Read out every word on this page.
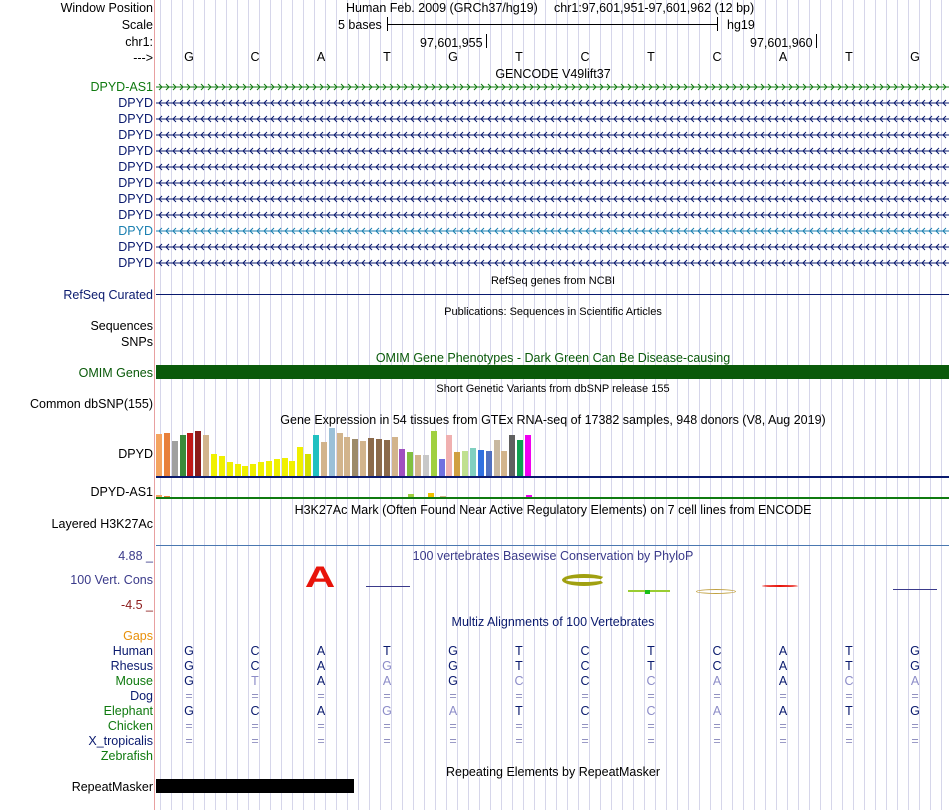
Window Position
Scale
chr1:
--->
Human Feb. 2009 (GRCh37/hg19) chr1:97,601,951-97,601,962 (12 bp)
5 bases	hg19
97,601,955	97,601,960
G	C	A	T	G	T	C	T	C	A	T	G
GENCODE V49lift37
DPYD-AS1
DPYD
DPYD
DPYD
DPYD
DPYD
DPYD
DPYD
DPYD
DPYD
DPYD
DPYD
RefSeq genes from NCBI
RefSeq Curated
Publications: Sequences in Scientific Articles
Sequences
SNPs
OMIM Gene Phenotypes - Dark Green Can Be Disease-causing
OMIM Genes
Short Genetic Variants from dbSNP release 155
Common dbSNP(155)
Gene Expression in 54 tissues from GTEx RNA-seq of 17382 samples, 948 donors (V8, Aug 2019)
DPYD
DPYD-AS1
H3K27Ac Mark (Often Found Near Active Regulatory Elements) on 7 cell lines from ENCODE
Layered H3K27Ac
100 vertebrates Basewise Conservation by PhyloP
4.88 _
100 Vert. Cons
-4.5 _
A
Multiz Alignments of 100 Vertebrates
Gaps
Human	G	C	A	T	G	T	C	T	C	A	T	G
Rhesus	G	C	A	G	G	T	C	T	C	A	T	G
Mouse	G	T	A	A	G	C	C	C	A	A	C	A
Dog	=	=	=	=	=	=	=	=	=	=	=	=
Elephant	G	C	A	G	A	T	C	C	A	A	T	G
Chicken	=	=	=	=	=	=	=	=	=	=	=	=
X_tropicalis	=	=	=	=	=	=	=	=	=	=	=	=
Zebrafish
Repeating Elements by RepeatMasker
RepeatMasker
